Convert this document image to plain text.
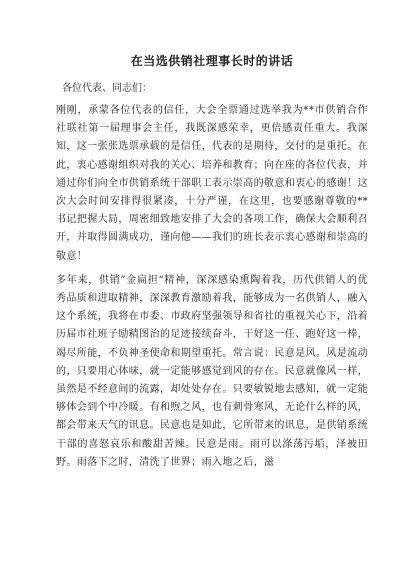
在当选供销社理事长时的讲话
各位代表、同志们：

刚刚，承蒙各位代表的信任，大会全票通过选举我为**市供销合作社联社第一届理事会主任，我既深感荣幸，更倍感责任重大。我深知，这一张张选票承载的是信任，代表的是期待，交付的是重托。在此，衷心感谢组织对我的关心、培养和教育；向在座的各位代表，并通过你们向全市供销系统干部职工表示崇高的敬意和衷心的感谢！这次大会时间安排得很紧凑，十分严谨，在这里，也要感谢尊敬的**书记把握大局，周密细致地安排了大会的各项工作，确保大会顺利召开，并取得圆满成功，谨向他——我们的班长表示衷心感谢和崇高的敬意！

多年来，供销”金扁担“精神，深深感染熏陶着我，历代供销人的优秀品质和进取精神，深深教育激励着我，能够成为一名供销人，融入这个系统，我将在市委、市政府坚强领导和省社的重视关心下，沿着历届市社班子励精图治的足迹接续奋斗，干好这一任、跑好这一棒，竭尽所能，不负神圣使命和期望重托。常言说：民意是风。风是流动的，只要用心体味，就一定能够感觉到风的存在。民意就像风一样，虽然是不经意间的流露，却处处存在。只要敏锐地去感知，就一定能够体会到个中冷暖。有和煦之风，也有刺骨寒风，无论什么样的风，都会带来天气的讯息。民意也是如此，它所带来的讯息，是供销系统干部的喜怒哀乐和酸甜苦辣。民意是雨。雨可以涤荡污垢，泽被田野。雨落下之时，清洗了世界；雨入地之后，滋
